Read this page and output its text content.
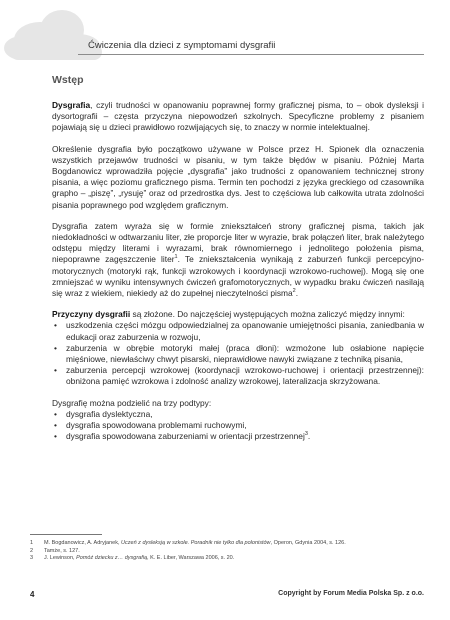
Ćwiczenia dla dzieci z symptomami dysgrafii
Wstęp

Dysgrafia, czyli trudności w opanowaniu poprawnej formy graficznej pisma, to – obok dysleksji i dysortografii – częsta przyczyna niepowodzeń szkolnych. Specyficzne problemy z pisaniem pojawiają się u dzieci prawidłowo rozwijających się, to znaczy w normie intelektualnej.

Określenie dysgrafia było początkowo używane w Polsce przez H. Spionek dla oznaczenia wszystkich przejawów trudności w pisaniu, w tym także błędów w pisaniu. Później Marta Bogdanowicz wprowadziła pojęcie „dysgrafia” jako trudności z opanowaniem technicznej strony pisania, a więc poziomu graficznego pisma. Termin ten pochodzi z języka greckiego od czasownika grapho – „piszę”, „rysuję” oraz od przedrostka dys. Jest to częściowa lub całkowita utrata zdolności pisania poprawnego pod względem graficznym.

Dysgrafia zatem wyraża się w formie zniekształceń strony graficznej pisma, takich jak niedokładności w odtwarzaniu liter, złe proporcje liter w wyrazie, brak połączeń liter, brak należytego odstępu między literami i wyrazami, brak równomiernego i jednolitego położenia pisma, niepoprawne zagęszczenie liter$^1$. Te zniekształcenia wynikają z zaburzeń funkcji percepcyjno-motorycznych (motoryki rąk, funkcji wzrokowych i koordynacji wzrokowo-ruchowej). Mogą się one zmniejszać w wyniku intensywnych ćwiczeń grafomotorycznych, w wypadku braku ćwiczeń nasilają się wraz z wiekiem, niekiedy aż do zupełnej nieczytelności pisma$^2$.

Przyczyny dysgrafii są złożone. Do najczęściej występujących można zaliczyć między innymi:

• uszkodzenia części mózgu odpowiedzialnej za opanowanie umiejętności pisania, zaniedbania w edukacji oraz zaburzenia w rozwoju,
• zaburzenia w obrębie motoryki małej (praca dłoni): wzmożone lub osłabione napięcie mięśniowe, niewłaściwy chwyt pisarski, nieprawidłowe nawyki związane z techniką pisania,
• zaburzenia percepcji wzrokowej (koordynacji wzrokowo-ruchowej i orientacji przestrzennej): obniżona pamięć wzrokowa i zdolność analizy wzrokowej, lateralizacja skrzyżowana.

Dysgrafię można podzielić na trzy podtypy:

• dysgrafia dyslektyczna,
• dysgrafia spowodowana problemami ruchowymi,
• dysgrafia spowodowana zaburzeniami w orientacji przestrzennej$^3$.
1 M. Bogdanowicz, A. Adryjanek, Uczeń z dysleksją w szkole. Poradnik nie tylko dla polonistów, Operon, Gdynia 2004, s. 126.
2 Tamże, s. 127.
3 J. Lewinson, Pomóż dziecku z… dysgrafią, K. E. Liber, Warszawa 2006, s. 20.
4	Copyright by Forum Media Polska Sp. z o.o.
